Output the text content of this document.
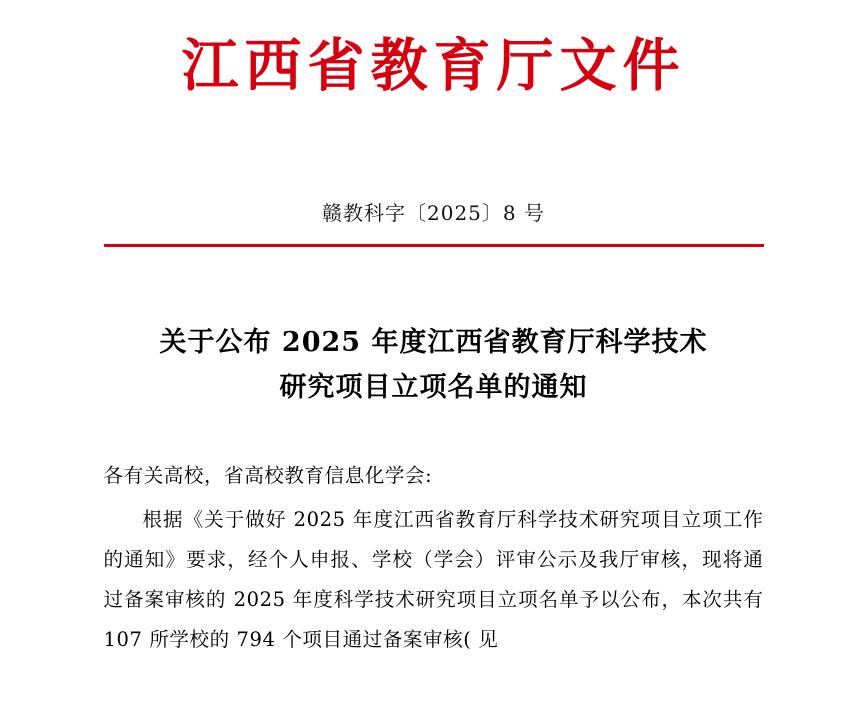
江西省教育厅文件
赣教科字〔2025〕8 号
关于公布 2025 年度江西省教育厅科学技术
研究项目立项名单的通知
各有关高校，省高校教育信息化学会:
根据《关于做好 2025 年度江西省教育厅科学技术研究项目立项工作的通知》要求，经个人申报、学校（学会）评审公示及我厅审核，现将通过备案审核的 2025 年度科学技术研究项目立项名单予以公布，本次共有 107 所学校的 794 个项目通过备案审核( 见
